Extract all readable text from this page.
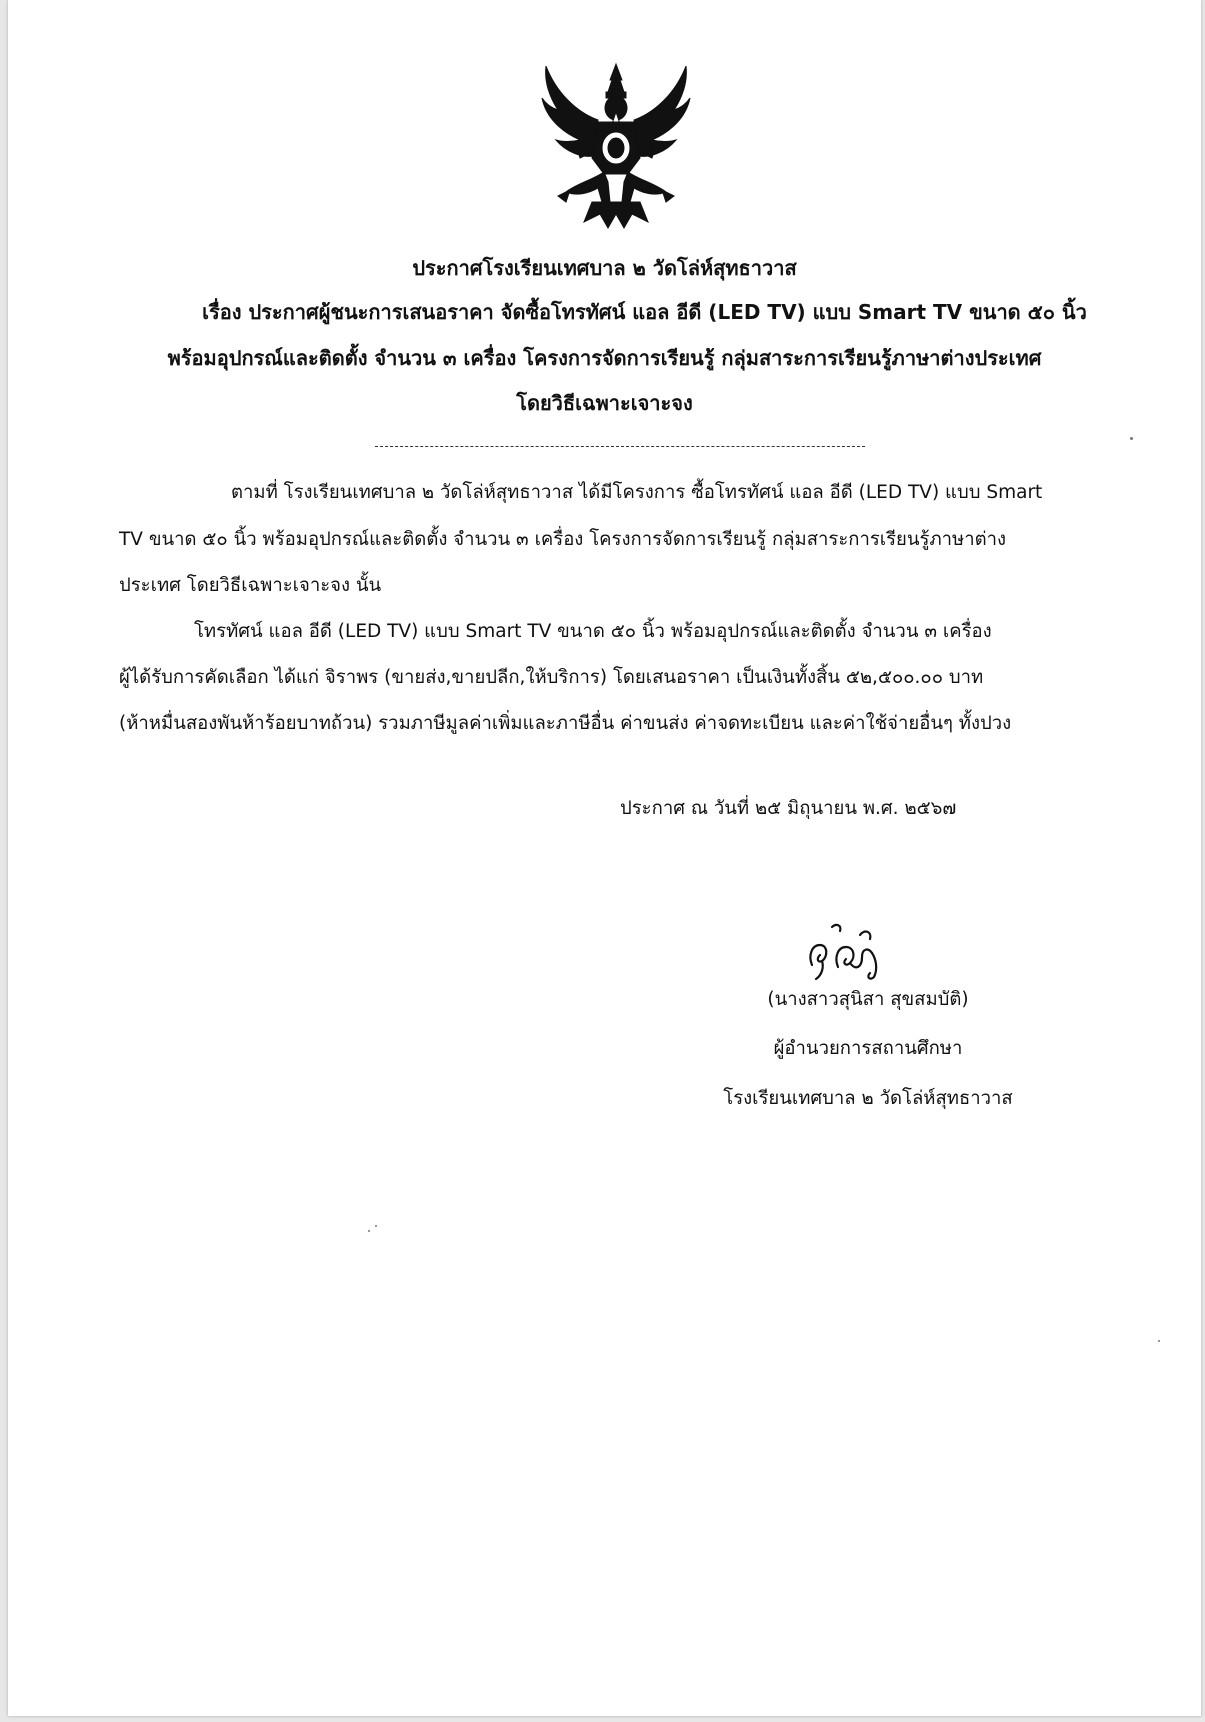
ประกาศโรงเรียนเทศบาล ๒ วัดโล่ห์สุทธาวาส
เรื่อง ประกาศผู้ชนะการเสนอราคา จัดซื้อโทรทัศน์ แอล อีดี (LED TV) แบบ Smart TV ขนาด ๕๐ นิ้ว
พร้อมอุปกรณ์และติดตั้ง จำนวน ๓ เครื่อง โครงการจัดการเรียนรู้ กลุ่มสาระการเรียนรู้ภาษาต่างประเทศ
โดยวิธีเฉพาะเจาะจง
ตามที่ โรงเรียนเทศบาล ๒ วัดโล่ห์สุทธาวาส ได้มีโครงการ ซื้อโทรทัศน์ แอล อีดี (LED TV) แบบ Smart
TV ขนาด ๕๐ นิ้ว พร้อมอุปกรณ์และติดตั้ง จำนวน ๓ เครื่อง โครงการจัดการเรียนรู้ กลุ่มสาระการเรียนรู้ภาษาต่าง
ประเทศ โดยวิธีเฉพาะเจาะจง นั้น
โทรทัศน์ แอล อีดี (LED TV) แบบ Smart TV ขนาด ๕๐ นิ้ว พร้อมอุปกรณ์และติดตั้ง จำนวน ๓ เครื่อง
ผู้ได้รับการคัดเลือก ได้แก่ จิราพร (ขายส่ง,ขายปลีก,ให้บริการ) โดยเสนอราคา เป็นเงินทั้งสิ้น ๕๒,๕๐๐.๐๐ บาท
(ห้าหมื่นสองพันห้าร้อยบาทถ้วน) รวมภาษีมูลค่าเพิ่มและภาษีอื่น ค่าขนส่ง ค่าจดทะเบียน และค่าใช้จ่ายอื่นๆ ทั้งปวง
ประกาศ ณ วันที่ ๒๕ มิถุนายน พ.ศ. ๒๕๖๗
(นางสาวสุนิสา สุขสมบัติ)
ผู้อำนวยการสถานศึกษา
โรงเรียนเทศบาล ๒ วัดโล่ห์สุทธาวาส
